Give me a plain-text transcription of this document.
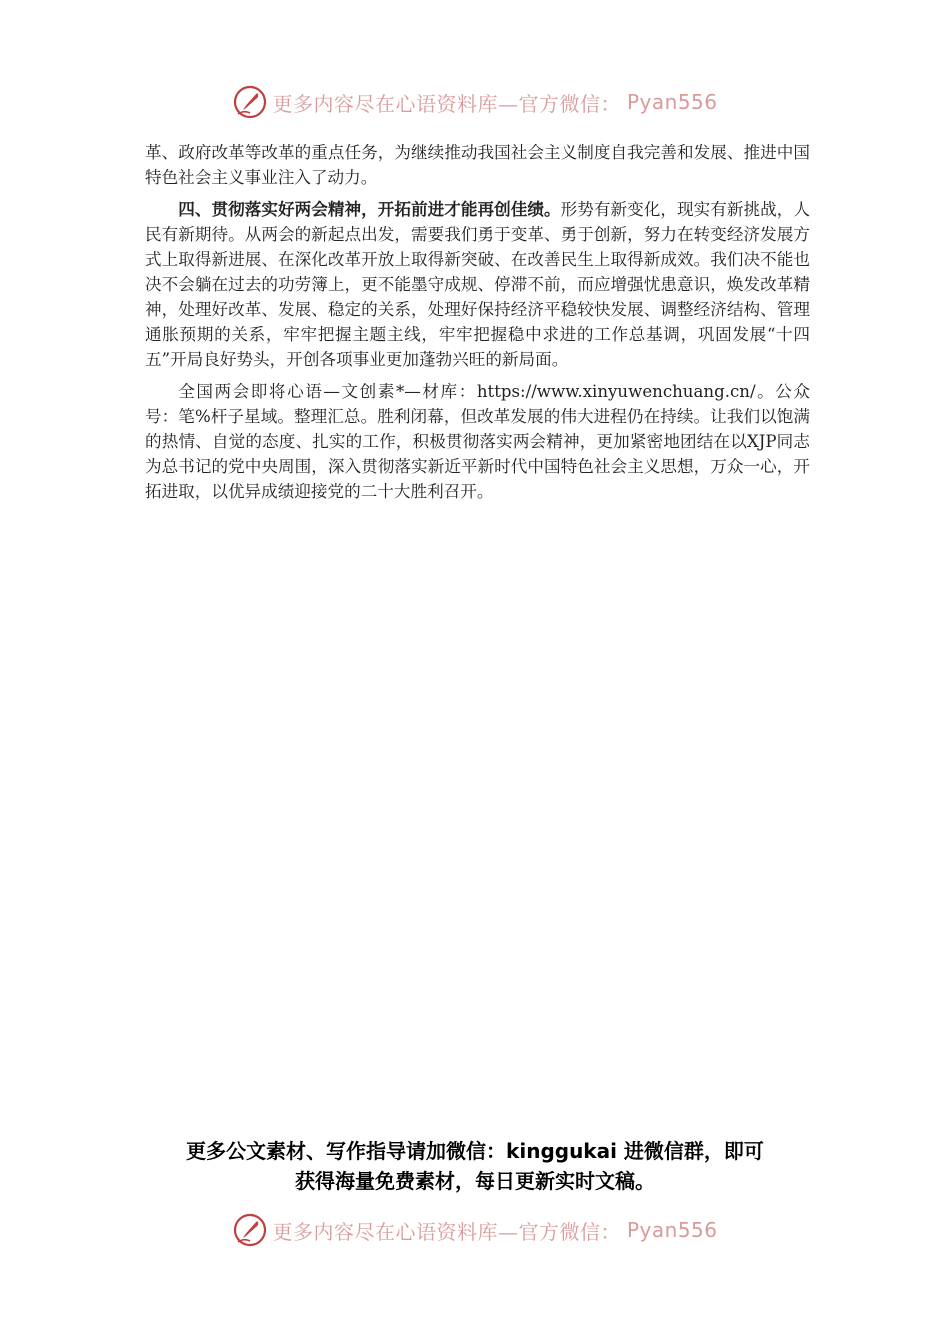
更多内容尽在心语资料库—官方微信： Pyan556

革、政府改革等改革的重点任务，为继续推动我国社会主义制度自我完善和发展、推进中国特色社会主义事业注入了动力。

四、贯彻落实好两会精神，开拓前进才能再创佳绩。形势有新变化，现实有新挑战，人民有新期待。从两会的新起点出发，需要我们勇于变革、勇于创新，努力在转变经济发展方式上取得新进展、在深化改革开放上取得新突破、在改善民生上取得新成效。我们决不能也决不会躺在过去的功劳簿上，更不能墨守成规、停滞不前，而应增强忧患意识，焕发改革精神，处理好改革、发展、稳定的关系，处理好保持经济平稳较快发展、调整经济结构、管理通胀预期的关系，牢牢把握主题主线，牢牢把握稳中求进的工作总基调，巩固发展“十四五”开局良好势头，开创各项事业更加蓬勃兴旺的新局面。

全国两会即将心语—文创素*—材库：https://www.xinyuwenchuang.cn/。公众号：笔%杆子星域。整理汇总。胜利闭幕，但改革发展的伟大进程仍在持续。让我们以饱满的热情、自觉的态度、扎实的工作，积极贯彻落实两会精神，更加紧密地团结在以XJP同志为总书记的党中央周围，深入贯彻落实新近平新时代中国特色社会主义思想，万众一心，开拓进取，以优异成绩迎接党的二十大胜利召开。

更多公文素材、写作指导请加微信：kinggukai 进微信群，即可
获得海量免费素材，每日更新实时文稿。
更多内容尽在心语资料库—官方微信： Pyan556
